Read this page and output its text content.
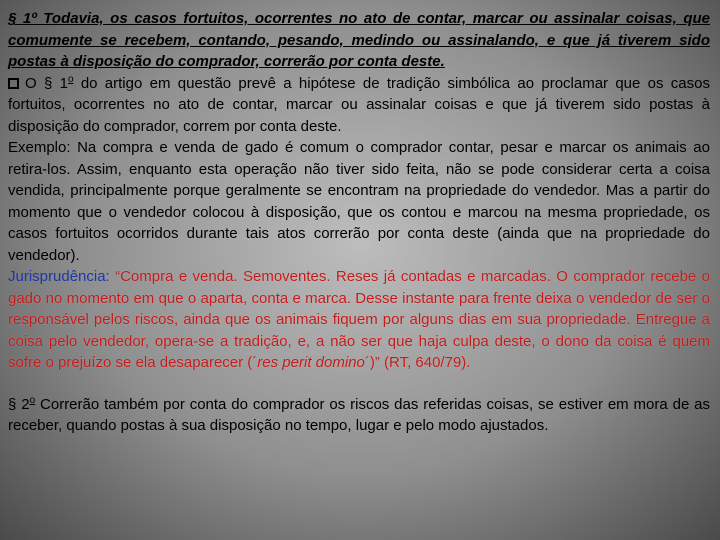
§ 1º Todavia, os casos fortuitos, ocorrentes no ato de contar, marcar ou assinalar coisas, que comumente se recebem, contando, pesando, medindo ou assinalando, e que já tiverem sido postas à disposição do comprador, correrão por conta deste.

O § 1$^o$ do artigo em questão prevê a hipótese de tradição simbólica ao proclamar que os casos fortuitos, ocorrentes no ato de contar, marcar ou assinalar coisas e que já tiverem sido postas à disposição do comprador, correm por conta deste.

Exemplo: Na compra e venda de gado é comum o comprador contar, pesar e marcar os animais ao retira-los. Assim, enquanto esta operação não tiver sido feita, não se pode considerar certa a coisa vendida, principalmente porque geralmente se encontram na propriedade do vendedor. Mas a partir do momento que o vendedor colocou à disposição, que os contou e marcou na mesma propriedade, os casos fortuitos ocorridos durante tais atos correrão por conta deste (ainda que na propriedade do vendedor).

Jurisprudência: “Compra e venda. Semoventes. Reses já contadas e marcadas. O comprador recebe o gado no momento em que o aparta, conta e marca. Desse instante para frente deixa o vendedor de ser o responsável pelos riscos, ainda que os animais fiquem por alguns dias em sua propriedade. Entregue a coisa pelo vendedor, opera-se a tradição, e, a não ser que haja culpa deste, o dono da coisa é quem sofre o prejuízo se ela desaparecer (´res perit domino´)” (RT, 640/79).

§ 2$^o$ Correrão também por conta do comprador os riscos das referidas coisas, se estiver em mora de as receber, quando postas à sua disposição no tempo, lugar e pelo modo ajustados.
